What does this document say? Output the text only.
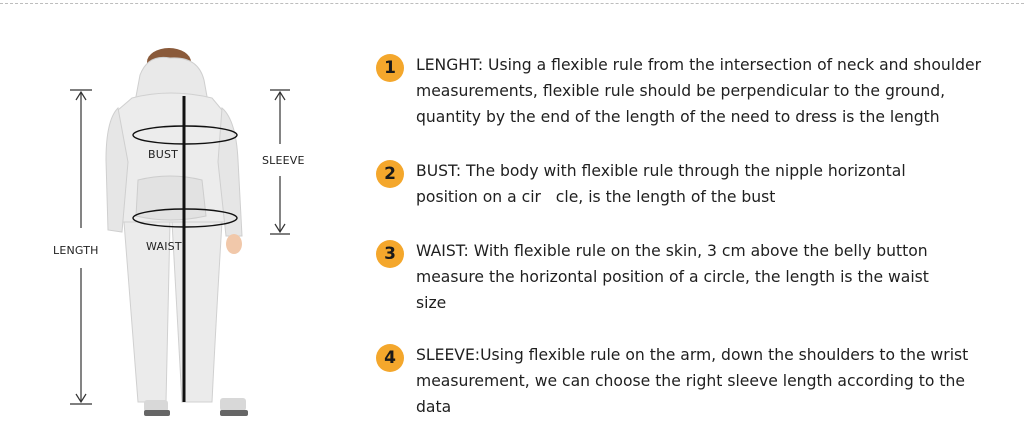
LENGTH
BUST
WAIST
SLEEVE
1	LENGHT: Using a flexible rule from the intersection of neck and shoulder
measurements, flexible rule should be perpendicular to the ground,
quantity by the end of the length of the need to dress is the length
2	BUST: The body with flexible rule through the nipple horizontal
position on a cir   cle, is the length of the bust
3	WAIST: With flexible rule on the skin, 3 cm above the belly button
measure the horizontal position of a circle, the length is the waist
size
4	SLEEVE:Using flexible rule on the arm, down the shoulders to the wrist
measurement, we can choose the right sleeve length according to the
data
